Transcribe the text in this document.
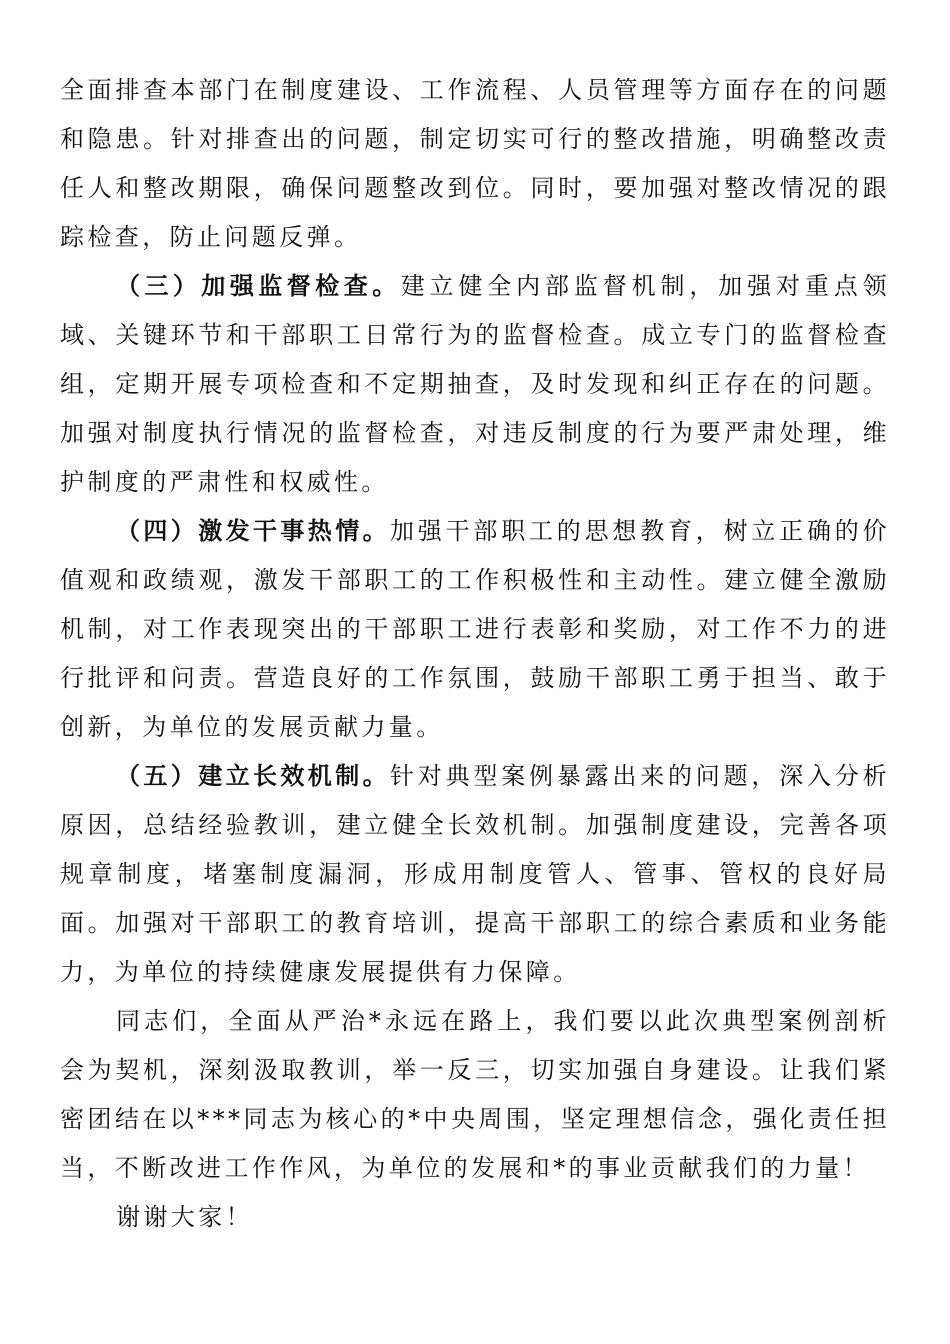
全面排查本部门在制度建设、工作流程、人员管理等方面存在的问题和隐患。针对排查出的问题，制定切实可行的整改措施，明确整改责任人和整改期限，确保问题整改到位。同时，要加强对整改情况的跟踪检查，防止问题反弹。

（三）加强监督检查。建立健全内部监督机制，加强对重点领域、关键环节和干部职工日常行为的监督检查。成立专门的监督检查组，定期开展专项检查和不定期抽查，及时发现和纠正存在的问题。加强对制度执行情况的监督检查，对违反制度的行为要严肃处理，维护制度的严肃性和权威性。

（四）激发干事热情。加强干部职工的思想教育，树立正确的价值观和政绩观，激发干部职工的工作积极性和主动性。建立健全激励机制，对工作表现突出的干部职工进行表彰和奖励，对工作不力的进行批评和问责。营造良好的工作氛围，鼓励干部职工勇于担当、敢于创新，为单位的发展贡献力量。

（五）建立长效机制。针对典型案例暴露出来的问题，深入分析原因，总结经验教训，建立健全长效机制。加强制度建设，完善各项规章制度，堵塞制度漏洞，形成用制度管人、管事、管权的良好局面。加强对干部职工的教育培训，提高干部职工的综合素质和业务能力，为单位的持续健康发展提供有力保障。

同志们，全面从严治*永远在路上，我们要以此次典型案例剖析会为契机，深刻汲取教训，举一反三，切实加强自身建设。让我们紧密团结在以***同志为核心的*中央周围，坚定理想信念，强化责任担当，不断改进工作作风，为单位的发展和*的事业贡献我们的力量！

谢谢大家！
